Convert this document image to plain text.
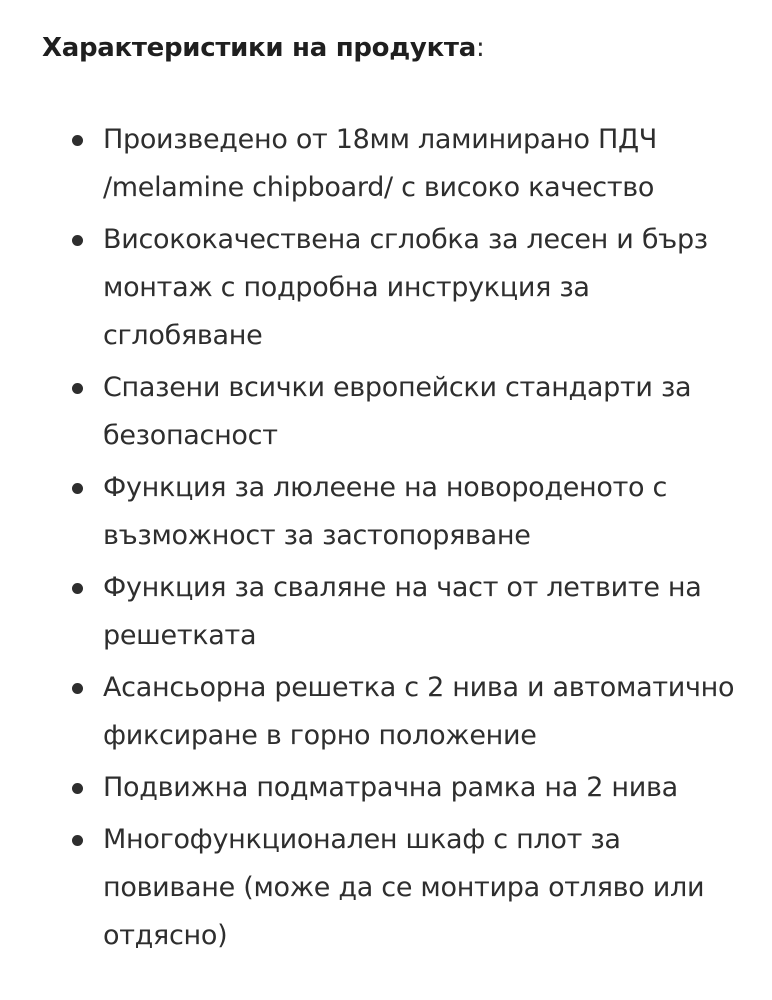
Характеристики на продукта:
Произведено от 18мм ламинирано ПДЧ /melamine chipboard/ с високо качество
Висококачествена сглобка за лесен и бърз монтаж с подробна инструкция за сглобяване
Спазени всички европейски стандарти за безопасност
Функция за люлеене на новороденото с възможност за застопоряване
Функция за сваляне на част от летвите на решетката
Асансьорна решетка с 2 нива и автоматично фиксиране в горно положение
Подвижна подматрачна рамка на 2 нива
Многофункционален шкаф с плот за повиване (може да се монтира отляво или отдясно)
